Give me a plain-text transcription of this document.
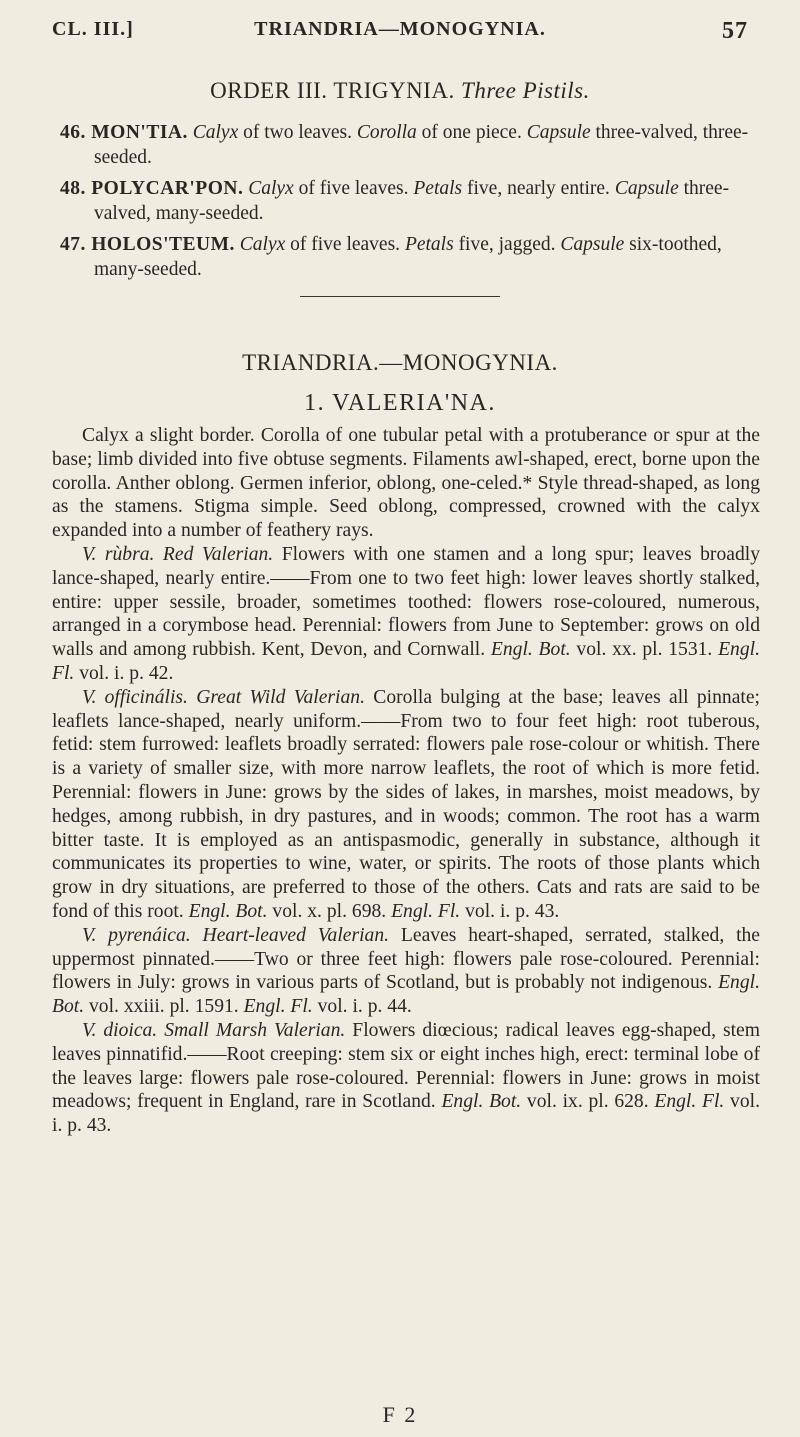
CL. III.]	TRIANDRIA—MONOGYNIA.	57
ORDER III. TRIGYNIA. Three Pistils.
46. MON'TIA. Calyx of two leaves. Corolla of one piece. Capsule three-valved, three-seeded.
48. POLYCAR'PON. Calyx of five leaves. Petals five, nearly entire. Capsule three-valved, many-seeded.
47. HOLOS'TEUM. Calyx of five leaves. Petals five, jagged. Capsule six-toothed, many-seeded.
TRIANDRIA.—MONOGYNIA.
1. VALERIA'NA.

Calyx a slight border. Corolla of one tubular petal with a protuberance or spur at the base; limb divided into five obtuse segments. Filaments awl-shaped, erect, borne upon the corolla. Anther oblong. Germen inferior, oblong, one-celed.* Style thread-shaped, as long as the stamens. Stigma simple. Seed oblong, compressed, crowned with the calyx expanded into a number of feathery rays.

V. rùbra. Red Valerian. Flowers with one stamen and a long spur; leaves broadly lance-shaped, nearly entire.——From one to two feet high: lower leaves shortly stalked, entire: upper sessile, broader, sometimes toothed: flowers rose-coloured, numerous, arranged in a corymbose head. Perennial: flowers from June to September: grows on old walls and among rubbish. Kent, Devon, and Cornwall. Engl. Bot. vol. xx. pl. 1531. Engl. Fl. vol. i. p. 42.

V. officinális. Great Wild Valerian. Corolla bulging at the base; leaves all pinnate; leaflets lance-shaped, nearly uniform.——From two to four feet high: root tuberous, fetid: stem furrowed: leaflets broadly serrated: flowers pale rose-colour or whitish. There is a variety of smaller size, with more narrow leaflets, the root of which is more fetid. Perennial: flowers in June: grows by the sides of lakes, in marshes, moist meadows, by hedges, among rubbish, in dry pastures, and in woods; common. The root has a warm bitter taste. It is employed as an antispasmodic, generally in substance, although it communicates its properties to wine, water, or spirits. The roots of those plants which grow in dry situations, are preferred to those of the others. Cats and rats are said to be fond of this root. Engl. Bot. vol. x. pl. 698. Engl. Fl. vol. i. p. 43.

V. pyrenáica. Heart-leaved Valerian. Leaves heart-shaped, serrated, stalked, the uppermost pinnated.——Two or three feet high: flowers pale rose-coloured. Perennial: flowers in July: grows in various parts of Scotland, but is probably not indigenous. Engl. Bot. vol. xxiii. pl. 1591. Engl. Fl. vol. i. p. 44.

V. dioica. Small Marsh Valerian. Flowers diœcious; radical leaves egg-shaped, stem leaves pinnatifid.——Root creeping: stem six or eight inches high, erect: terminal lobe of the leaves large: flowers pale rose-coloured. Perennial: flowers in June: grows in moist meadows; frequent in England, rare in Scotland. Engl. Bot. vol. ix. pl. 628. Engl. Fl. vol. i. p. 43.

F 2
